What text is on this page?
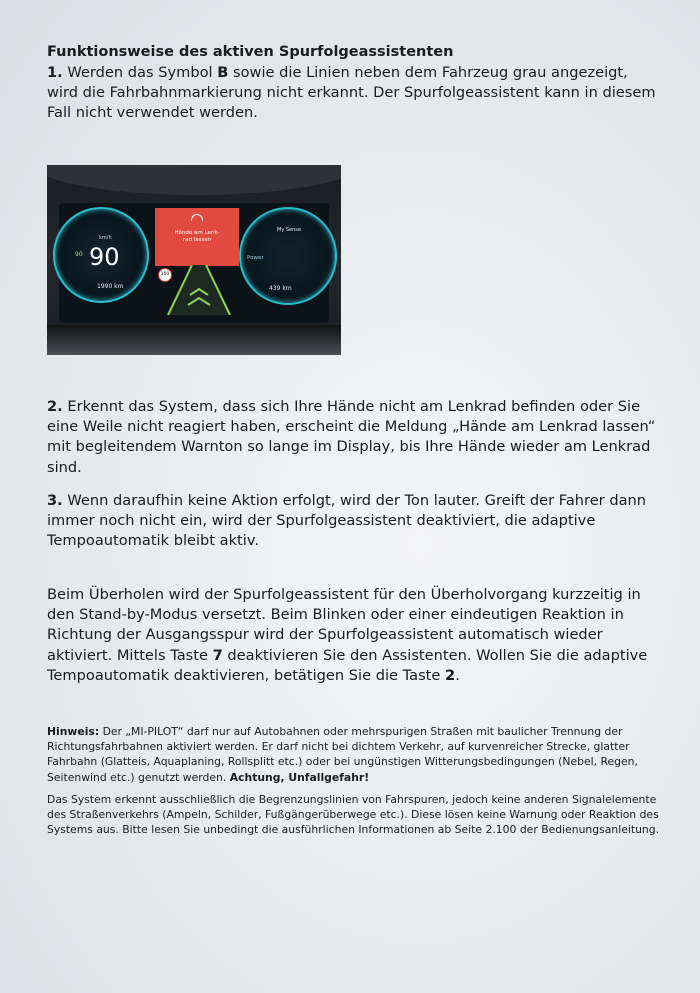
Funktionsweise des aktiven Spurfolgeassistenten
1. Werden das Symbol B sowie die Linien neben dem Fahrzeug grau angezeigt, wird die Fahrbahnmarkierung nicht erkannt. Der Spurfolgeassistent kann in diesem Fall nicht verwendet werden.
km/h
90
90
1990 km
Hände am Lenk-
rad lassen
100
My Sense
Power
439 km
2. Erkennt das System, dass sich Ihre Hände nicht am Lenkrad befinden oder Sie eine Weile nicht reagiert haben, erscheint die Meldung „Hände am Lenkrad lassen“ mit begleitendem Warnton so lange im Display, bis Ihre Hände wieder am Lenkrad sind.
3. Wenn daraufhin keine Aktion erfolgt, wird der Ton lauter. Greift der Fahrer dann immer noch nicht ein, wird der Spurfolgeassistent deaktiviert, die adaptive Tempoautomatik bleibt aktiv.
Beim Überholen wird der Spurfolgeassistent für den Überholvorgang kurzzeitig in den Stand-by-Modus versetzt. Beim Blinken oder einer eindeutigen Reaktion in Richtung der Ausgangsspur wird der Spurfolgeassistent automatisch wieder aktiviert. Mittels Taste 7 deaktivieren Sie den Assistenten. Wollen Sie die adaptive Tempoautomatik deaktivieren, betätigen Sie die Taste 2.
Hinweis: Der „MI-PILOT“ darf nur auf Autobahnen oder mehrspurigen Straßen mit baulicher Trennung der Richtungsfahrbahnen aktiviert werden. Er darf nicht bei dichtem Verkehr, auf kurvenreicher Strecke, glatter Fahrbahn (Glatteis, Aquaplaning, Rollsplitt etc.) oder bei ungünstigen Witterungsbedingungen (Nebel, Regen, Seitenwind etc.) genutzt werden. Achtung, Unfallgefahr!
Das System erkennt ausschließlich die Begrenzungslinien von Fahrspuren, jedoch keine anderen Signalelemente des Straßenverkehrs (Ampeln, Schilder, Fußgängerüberwege etc.). Diese lösen keine Warnung oder Reaktion des Systems aus. Bitte lesen Sie unbedingt die ausführlichen Informationen ab Seite 2.100 der Bedienungsanleitung.
